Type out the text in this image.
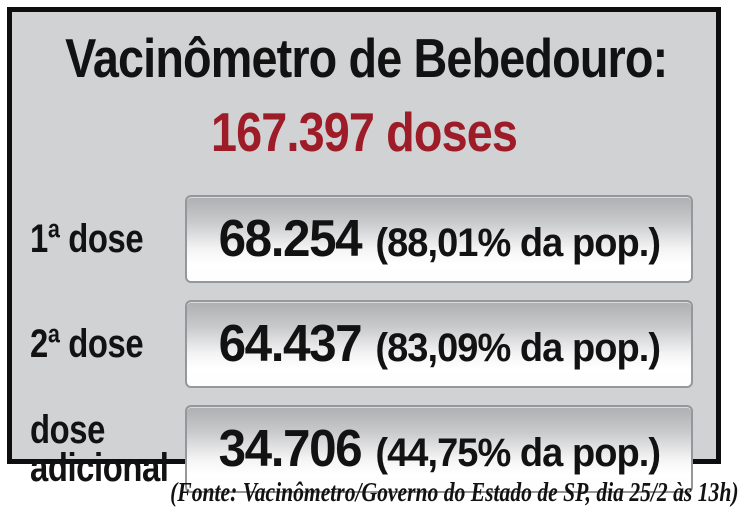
Vacinômetro de Bebedouro:
167.397 doses
1ª dose	68.254 (88,01% da pop.)
2ª dose	64.437 (83,09% da pop.)
dose adicional 34.706 (44,75% da pop.)
(Fonte: Vacinômetro/Governo do Estado de SP, dia 25/2 às 13h)
